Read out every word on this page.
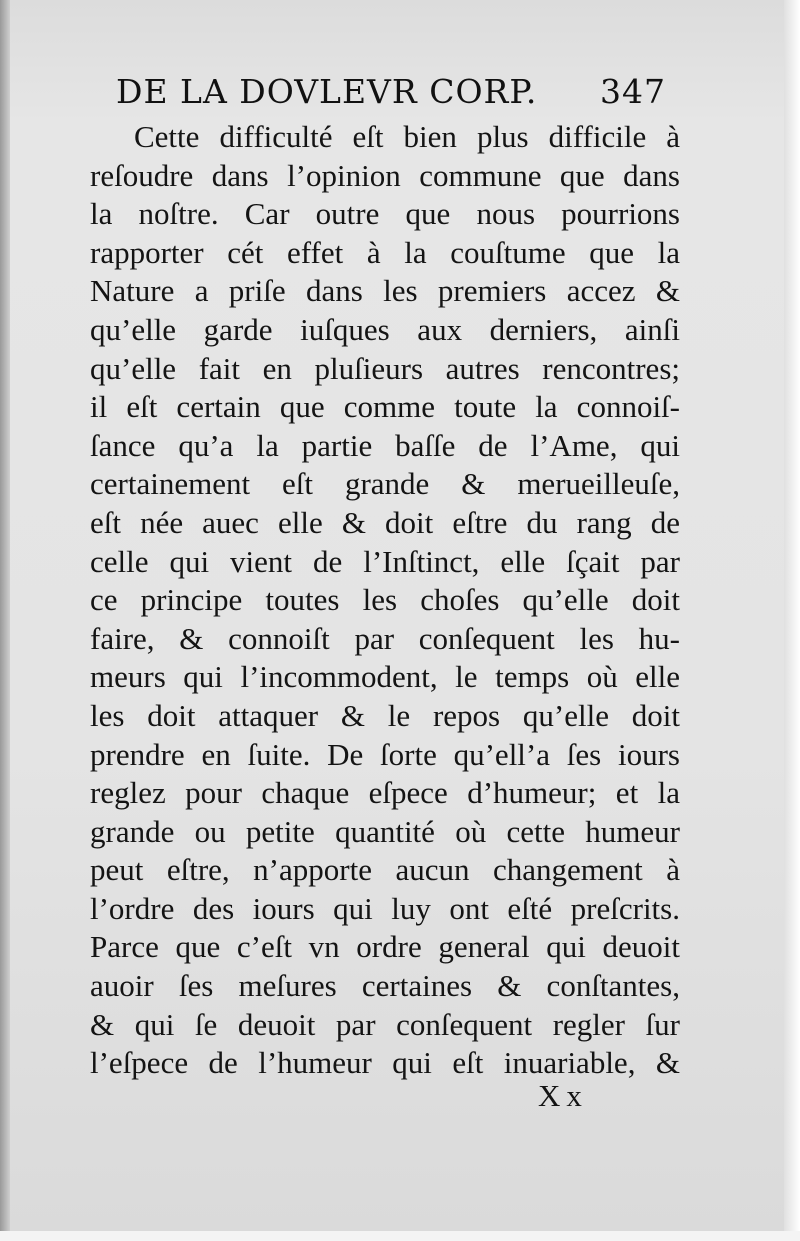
DE LA DOVLEVR CORP. 347
Cette difficulté eſt bien plus difficile à
reſoudre dans l’opinion commune que dans
la noſtre. Car outre que nous pourrions
rapporter cét effet à la couſtume que la
Nature a priſe dans les premiers accez &
qu’elle garde iuſques aux derniers, ainſi
qu’elle fait en pluſieurs autres rencontres;
il eſt certain que comme toute la connoiſ-
ſance qu’a la partie baſſe de l’Ame, qui
certainement eſt grande & merueilleuſe,
eſt née auec elle & doit eſtre du rang de
celle qui vient de l’Inſtinct, elle ſçait par
ce principe toutes les choſes qu’elle doit
faire, & connoiſt par conſequent les hu-
meurs qui l’incommodent, le temps où elle
les doit attaquer & le repos qu’elle doit
prendre en ſuite. De ſorte qu’ell’a ſes iours
reglez pour chaque eſpece d’humeur; et la
grande ou petite quantité où cette humeur
peut eſtre, n’apporte aucun changement à
l’ordre des iours qui luy ont eſté preſcrits.
Parce que c’eſt vn ordre general qui deuoit
auoir ſes meſures certaines & conſtantes,
& qui ſe deuoit par conſequent regler ſur
l’eſpece de l’humeur qui eſt inuariable, &
Xx
